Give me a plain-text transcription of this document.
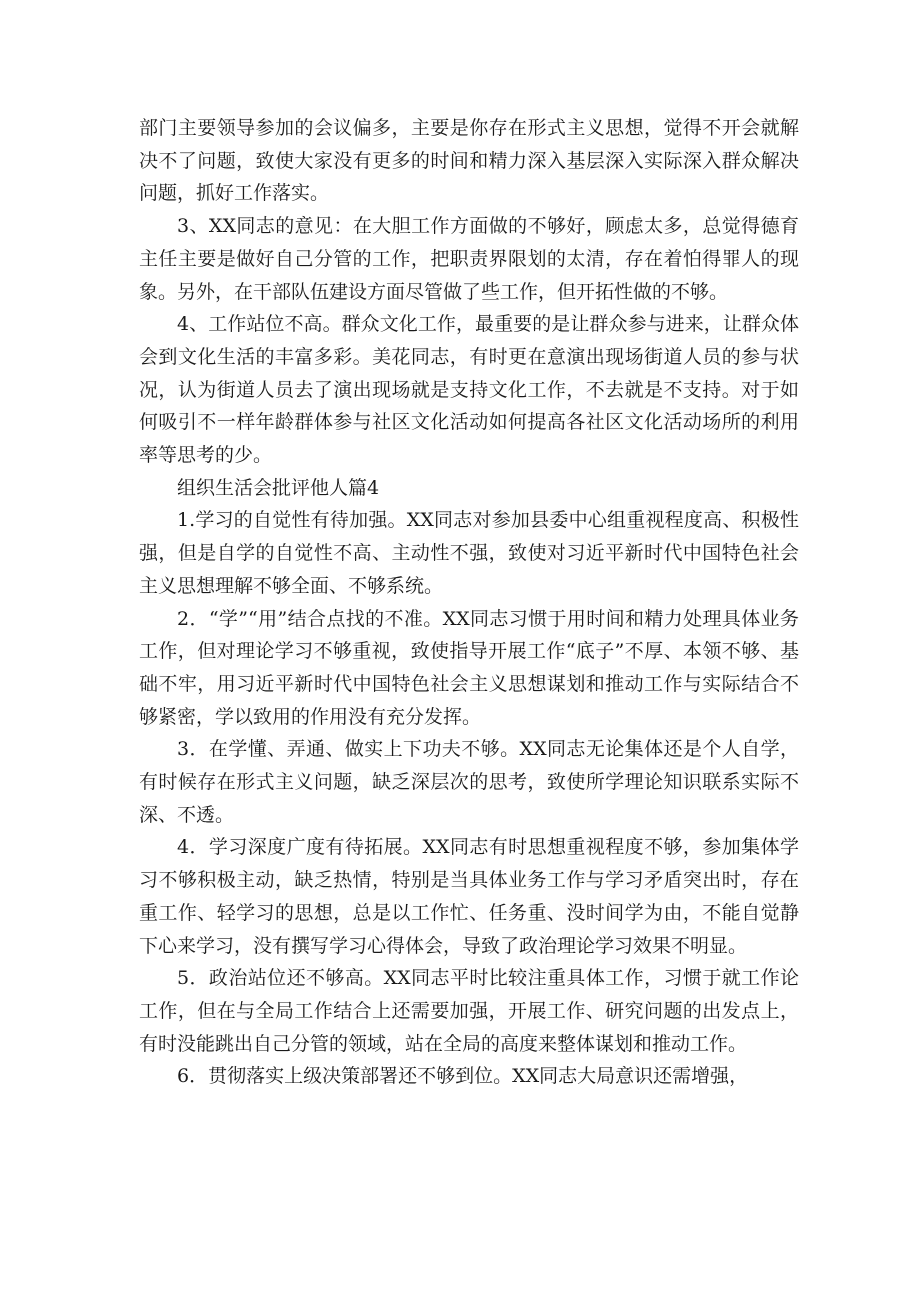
部门主要领导参加的会议偏多，主要是你存在形式主义思想，觉得不开会就解决不了问题，致使大家没有更多的时间和精力深入基层深入实际深入群众解决问题，抓好工作落实。

3、XX同志的意见：在大胆工作方面做的不够好，顾虑太多，总觉得德育主任主要是做好自己分管的工作，把职责界限划的太清，存在着怕得罪人的现象。另外，在干部队伍建设方面尽管做了些工作，但开拓性做的不够。

4、工作站位不高。群众文化工作，最重要的是让群众参与进来，让群众体会到文化生活的丰富多彩。美花同志，有时更在意演出现场街道人员的参与状况，认为街道人员去了演出现场就是支持文化工作，不去就是不支持。对于如何吸引不一样年龄群体参与社区文化活动如何提高各社区文化活动场所的利用率等思考的少。

组织生活会批评他人篇4

1.学习的自觉性有待加强。XX同志对参加县委中心组重视程度高、积极性强，但是自学的自觉性不高、主动性不强，致使对习近平新时代中国特色社会主义思想理解不够全面、不够系统。

2．“学”“用”结合点找的不准。XX同志习惯于用时间和精力处理具体业务工作，但对理论学习不够重视，致使指导开展工作“底子”不厚、本领不够、基础不牢，用习近平新时代中国特色社会主义思想谋划和推动工作与实际结合不够紧密，学以致用的作用没有充分发挥。

3．在学懂、弄通、做实上下功夫不够。XX同志无论集体还是个人自学，有时候存在形式主义问题，缺乏深层次的思考，致使所学理论知识联系实际不深、不透。

4．学习深度广度有待拓展。XX同志有时思想重视程度不够，参加集体学习不够积极主动，缺乏热情，特别是当具体业务工作与学习矛盾突出时，存在重工作、轻学习的思想，总是以工作忙、任务重、没时间学为由，不能自觉静下心来学习，没有撰写学习心得体会，导致了政治理论学习效果不明显。

5．政治站位还不够高。XX同志平时比较注重具体工作，习惯于就工作论工作，但在与全局工作结合上还需要加强，开展工作、研究问题的出发点上，有时没能跳出自己分管的领域，站在全局的高度来整体谋划和推动工作。

6．贯彻落实上级决策部署还不够到位。XX同志大局意识还需增强，
